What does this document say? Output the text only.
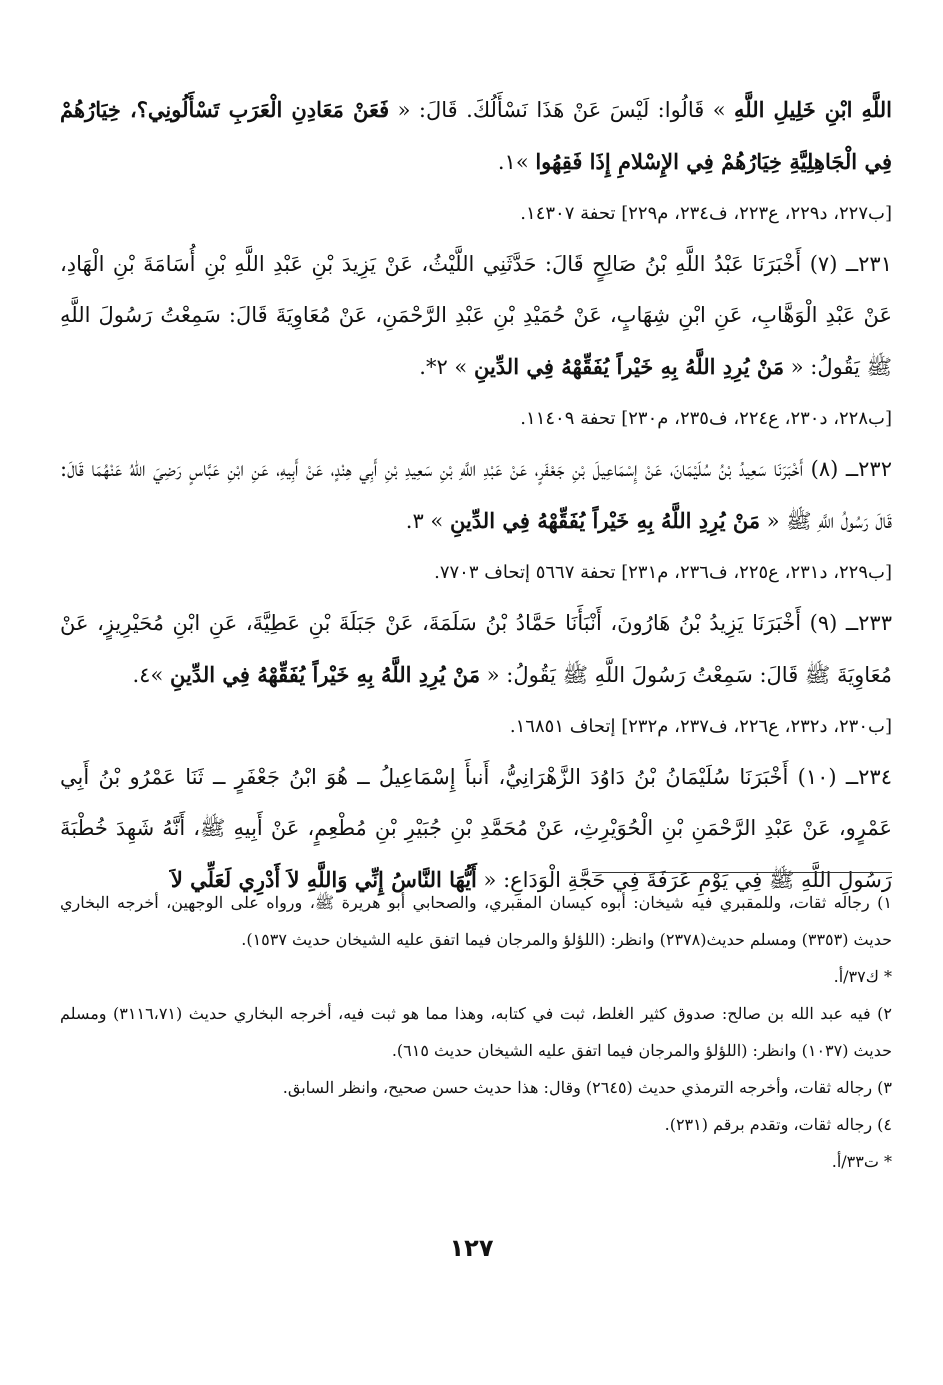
اللَّهِ ابْنِ خَلِيلِ اللَّهِ » قَالُوا: لَيْسَ عَنْ هَذَا نَسْأَلُكَ. قَالَ: « فَعَنْ مَعَادِنِ الْعَرَبِ تَسْأَلُونِي؟، خِيَارُهُمْ فِي الْجَاهِلِيَّةِ خِيَارُهُمْ فِي الإِسْلامِ إِذَا فَقِهُوا »١.

[ب٢٢٧، د٢٢٩، ع٢٢٣، ف٢٣٤، م٢٢٩] تحفة ١٤٣٠٧.

٢٣١ــ (٧) أَخْبَرَنَا عَبْدُ اللَّهِ بْنُ صَالِحٍ قَالَ: حَدَّثَنِي اللَّيْثُ، عَنْ يَزِيدَ بْنِ عَبْدِ اللَّهِ بْنِ أُسَامَةَ بْنِ الْهَادِ، عَنْ عَبْدِ الْوَهَّابِ، عَنِ ابْنِ شِهَابٍ، عَنْ حُمَيْدِ بْنِ عَبْدِ الرَّحْمَنِ، عَنْ مُعَاوِيَةَ قَالَ: سَمِعْتُ رَسُولَ اللَّهِ ﷺ يَقُولُ: « مَنْ يُرِدِ اللَّهُ بِهِ خَيْراً يُفَقِّهْهُ فِي الدِّينِ » ٢*.

[ب٢٢٨، د٢٣٠، ع٢٢٤، ف٢٣٥، م٢٣٠] تحفة ١١٤٠٩.

٢٣٢ــ (٨) أَخْبَرَنَا سَعِيدُ بْنُ سُلَيْمَانَ، عَنْ إِسْمَاعِيلَ بْنِ جَعْفَرٍ، عَنْ عَبْدِ اللَّهِ بْنِ سَعِيدِ بْنِ أَبِي هِنْدٍ، عَنْ أَبِيهِ، عَنِ ابْنِ عَبَّاسٍ رَضِيَ اللهُ عَنْهُمَا قَالَ: قَالَ رَسُولُ اللَّهِ ﷺ « مَنْ يُرِدِ اللَّهُ بِهِ خَيْراً يُفَقِّهْهُ فِي الدِّينِ » ٣.

[ب٢٢٩، د٢٣١، ع٢٢٥، ف٢٣٦، م٢٣١] تحفة ٥٦٦٧ إتحاف ٧٧٠٣.

٢٣٣ــ (٩) أَخْبَرَنَا يَزِيدُ بْنُ هَارُونَ، أَنْبَأَنَا حَمَّادُ بْنُ سَلَمَةَ، عَنْ جَبَلَةَ بْنِ عَطِيَّةَ، عَنِ ابْنِ مُحَيْرِيزٍ، عَنْ مُعَاوِيَةَ ﷺ قَالَ: سَمِعْتُ رَسُولَ اللَّهِ ﷺ يَقُولُ: « مَنْ يُرِدِ اللَّهُ بِهِ خَيْراً يُفَقِّهْهُ فِي الدِّينِ »٤.

[ب٢٣٠، د٢٣٢، ع٢٢٦، ف٢٣٧، م٢٣٢] إتحاف ١٦٨٥١.

٢٣٤ــ (١٠) أَخْبَرَنَا سُلَيْمَانُ بْنُ دَاوُدَ الزَّهْرَانِيُّ، أَنبأَ إِسْمَاعِيلُ ــ هُوَ ابْنُ جَعْفَرٍ ــ ثَنَا عَمْرُو بْنُ أَبِي عَمْرٍو، عَنْ عَبْدِ الرَّحْمَنِ بْنِ الْحُوَيْرِثِ، عَنْ مُحَمَّدِ بْنِ جُبَيْرِ بْنِ مُطْعِمٍ، عَنْ أَبِيهِ ﷺ، أَنَّهُ شَهِدَ خُطْبَةَ رَسُولِ اللَّهِ ﷺ فِي يَوْمِ عَرَفَةَ فِي حَجَّةِ الْوَدَاعِ: « أَيُّهَا النَّاسُ إِنِّي وَاللَّهِ لاَ أَدْرِي لَعَلِّي لاَ

١) رجاله ثقات، وللمقبري فيه شيخان: أبوه كيسان المقبري، والصحابي أبو هريرة ﷺ، ورواه على الوجهين، أخرجه البخاري حديث (٣٣٥٣) ومسلم حديث(٢٣٧٨) وانظر: (اللؤلؤ والمرجان فيما اتفق عليه الشيخان حديث ١٥٣٧).

* ك٣٧/أ.

٢) فيه عبد الله بن صالح: صدوق كثير الغلط، ثبت في كتابه، وهذا مما هو ثبت فيه، أخرجه البخاري حديث (٣١١٦،٧١) ومسلم حديث (١٠٣٧) وانظر: (اللؤلؤ والمرجان فيما اتفق عليه الشيخان حديث ٦١٥).

٣) رجاله ثقات، وأخرجه الترمذي حديث (٢٦٤٥) وقال: هذا حديث حسن صحيح، وانظر السابق.

٤) رجاله ثقات، وتقدم برقم (٢٣١).

* ت٣٣/أ.

١٢٧
